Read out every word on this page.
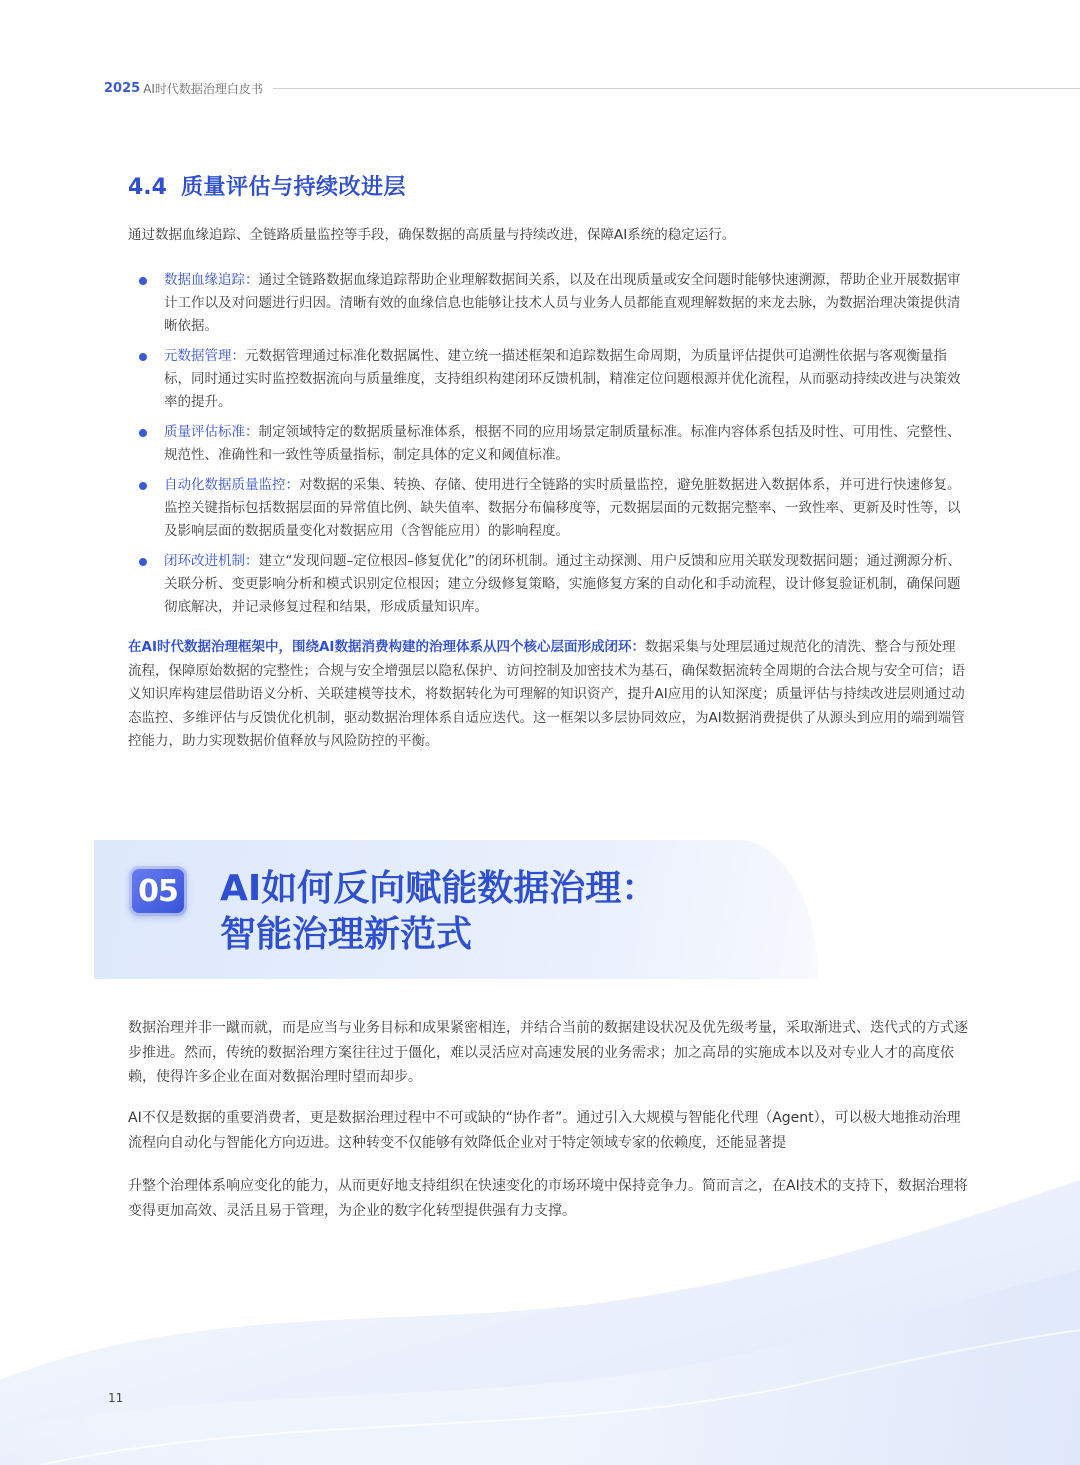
2025 AI时代数据治理白皮书
4.4 质量评估与持续改进层

通过数据血缘追踪、全链路质量监控等手段，确保数据的高质量与持续改进，保障AI系统的稳定运行。

数据血缘追踪：通过全链路数据血缘追踪帮助企业理解数据间关系，以及在出现质量或安全问题时能够快速溯源，帮助企业开展数据审计工作以及对问题进行归因。清晰有效的血缘信息也能够让技术人员与业务人员都能直观理解数据的来龙去脉，为数据治理决策提供清晰依据。
元数据管理：元数据管理通过标准化数据属性、建立统一描述框架和追踪数据生命周期，为质量评估提供可追溯性依据与客观衡量指标，同时通过实时监控数据流向与质量维度，支持组织构建闭环反馈机制，精准定位问题根源并优化流程，从而驱动持续改进与决策效率的提升。
质量评估标准：制定领域特定的数据质量标准体系，根据不同的应用场景定制质量标准。标准内容体系包括及时性、可用性、完整性、规范性、准确性和一致性等质量指标，制定具体的定义和阈值标准。
自动化数据质量监控：对数据的采集、转换、存储、使用进行全链路的实时质量监控，避免脏数据进入数据体系，并可进行快速修复。监控关键指标包括数据层面的异常值比例、缺失值率、数据分布偏移度等，元数据层面的元数据完整率、一致性率、更新及时性等，以及影响层面的数据质量变化对数据应用（含智能应用）的影响程度。
闭环改进机制：建立“发现问题–定位根因–修复优化”的闭环机制。通过主动探测、用户反馈和应用关联发现数据问题；通过溯源分析、关联分析、变更影响分析和模式识别定位根因；建立分级修复策略，实施修复方案的自动化和手动流程，设计修复验证机制，确保问题彻底解决，并记录修复过程和结果，形成质量知识库。

在AI时代数据治理框架中，围绕AI数据消费构建的治理体系从四个核心层面形成闭环：数据采集与处理层通过规范化的清洗、整合与预处理流程，保障原始数据的完整性；合规与安全增强层以隐私保护、访问控制及加密技术为基石，确保数据流转全周期的合法合规与安全可信；语义知识库构建层借助语义分析、关联建模等技术，将数据转化为可理解的知识资产，提升AI应用的认知深度；质量评估与持续改进层则通过动态监控、多维评估与反馈优化机制，驱动数据治理体系自适应迭代。这一框架以多层协同效应，为AI数据消费提供了从源头到应用的端到端管控能力，助力实现数据价值释放与风险防控的平衡。

05 AI如何反向赋能数据治理：
智能治理新范式

数据治理并非一蹴而就，而是应当与业务目标和成果紧密相连，并结合当前的数据建设状况及优先级考量，采取渐进式、迭代式的方式逐步推进。然而，传统的数据治理方案往往过于僵化，难以灵活应对高速发展的业务需求；加之高昂的实施成本以及对专业人才的高度依赖，使得许多企业在面对数据治理时望而却步。

AI不仅是数据的重要消费者，更是数据治理过程中不可或缺的“协作者”。通过引入大规模与智能化代理（Agent），可以极大地推动治理流程向自动化与智能化方向迈进。这种转变不仅能够有效降低企业对于特定领域专家的依赖度，还能显著提

升整个治理体系响应变化的能力，从而更好地支持组织在快速变化的市场环境中保持竞争力。简而言之，在AI技术的支持下，数据治理将变得更加高效、灵活且易于管理，为企业的数字化转型提供强有力支撑。

11
